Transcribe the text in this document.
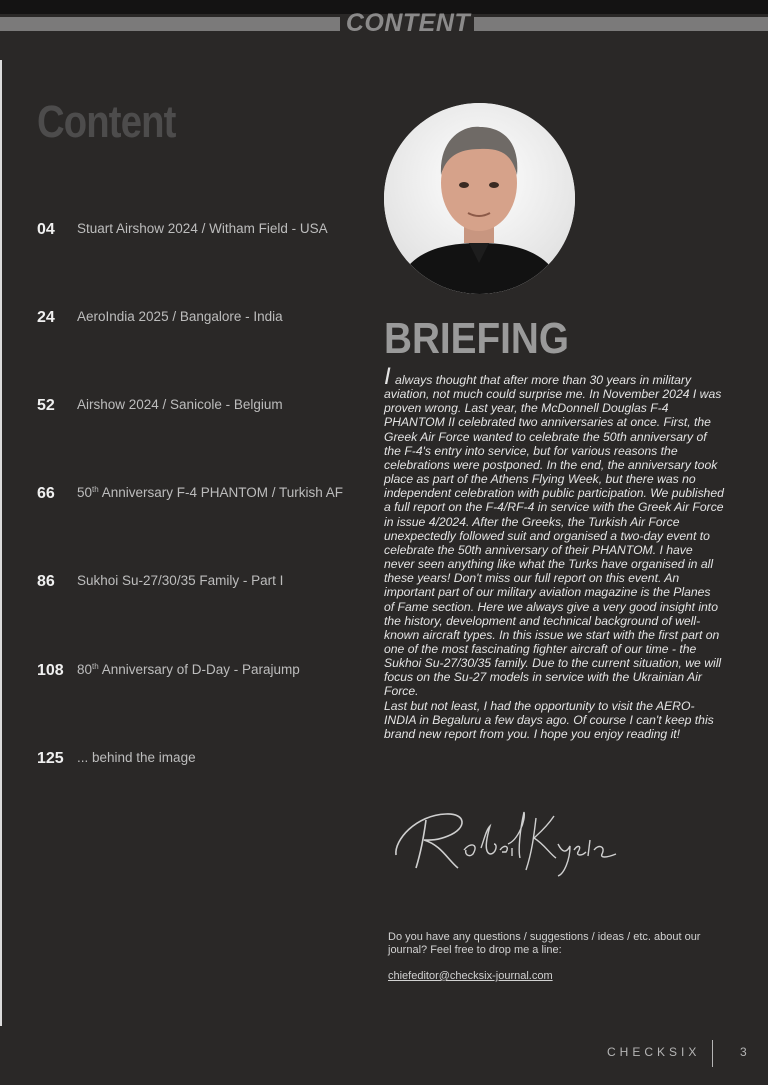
CONTENT
Content
04 Stuart Airshow 2024 / Witham Field - USA
24 AeroIndia 2025 / Bangalore - India
52 Airshow 2024 / Sanicole - Belgium
66 50th Anniversary F-4 PHANTOM / Turkish AF
86 Sukhoi Su-27/30/35 Family - Part I
108 80th Anniversary of D-Day - Parajump
125 ... behind the image
BRIEFING

I always thought that after more than 30 years in military aviation, not much could surprise me. In November 2024 I was proven wrong. Last year, the McDonnell Douglas F-4 PHANTOM II celebrated two anniversaries at once. First, the Greek Air Force wanted to celebrate the 50th anniversary of the F-4's entry into service, but for various reasons the celebrations were postponed. In the end, the anniversary took place as part of the Athens Flying Week, but there was no independent celebration with public participation. We published a full report on the F-4/RF-4 in service with the Greek Air Force in issue 4/2024. After the Greeks, the Turkish Air Force unexpectedly followed suit and organised a two-day event to celebrate the 50th anniversary of their PHANTOM. I have never seen anything like what the Turks have organised in all these years! Don't miss our full report on this event. An important part of our military aviation magazine is the Planes of Fame section. Here we always give a very good insight into the history, development and technical background of well-known aircraft types. In this issue we start with the first part on one of the most fascinating fighter aircraft of our time - the Sukhoi Su-27/30/35 family. Due to the current situation, we will focus on the Su-27 models in service with the Ukrainian Air Force.

Last but not least, I had the opportunity to visit the AERO-INDIA in Begaluru a few days ago. Of course I can't keep this brand new report from you. I hope you enjoy reading it!

Do you have any questions / suggestions / ideas / etc. about our journal? Feel free to drop me a line:

chiefeditor@checksix-journal.com

CHECKSIX	3
